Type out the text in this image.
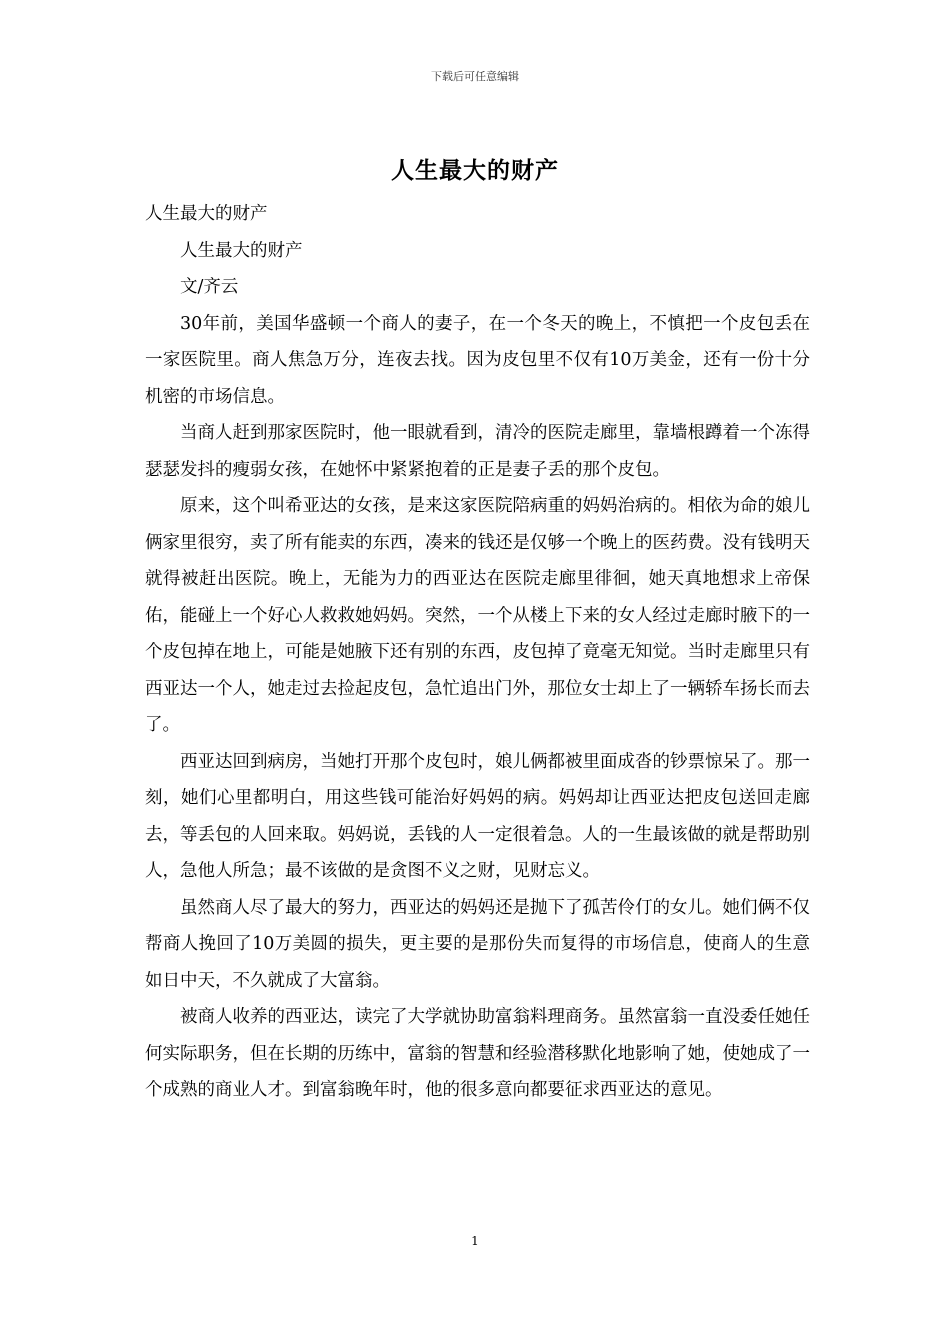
下载后可任意编辑
人生最大的财产

人生最大的财产

人生最大的财产

文/齐云

30年前，美国华盛顿一个商人的妻子，在一个冬天的晚上，不慎把一个皮包丢在一家医院里。商人焦急万分，连夜去找。因为皮包里不仅有10万美金，还有一份十分机密的市场信息。

当商人赶到那家医院时，他一眼就看到，清冷的医院走廊里，靠墙根蹲着一个冻得瑟瑟发抖的瘦弱女孩，在她怀中紧紧抱着的正是妻子丢的那个皮包。

原来，这个叫希亚达的女孩，是来这家医院陪病重的妈妈治病的。相依为命的娘儿俩家里很穷，卖了所有能卖的东西，凑来的钱还是仅够一个晚上的医药费。没有钱明天就得被赶出医院。晚上，无能为力的西亚达在医院走廊里徘徊，她天真地想求上帝保佑，能碰上一个好心人救救她妈妈。突然，一个从楼上下来的女人经过走廊时腋下的一个皮包掉在地上，可能是她腋下还有别的东西，皮包掉了竟毫无知觉。当时走廊里只有西亚达一个人，她走过去捡起皮包，急忙追出门外，那位女士却上了一辆轿车扬长而去了。

西亚达回到病房，当她打开那个皮包时，娘儿俩都被里面成沓的钞票惊呆了。那一刻，她们心里都明白，用这些钱可能治好妈妈的病。妈妈却让西亚达把皮包送回走廊去，等丢包的人回来取。妈妈说，丢钱的人一定很着急。人的一生最该做的就是帮助别人，急他人所急；最不该做的是贪图不义之财，见财忘义。

虽然商人尽了最大的努力，西亚达的妈妈还是抛下了孤苦伶仃的女儿。她们俩不仅帮商人挽回了10万美圆的损失，更主要的是那份失而复得的市场信息，使商人的生意如日中天，不久就成了大富翁。

被商人收养的西亚达，读完了大学就协助富翁料理商务。虽然富翁一直没委任她任何实际职务，但在长期的历练中，富翁的智慧和经验潜移默化地影响了她，使她成了一个成熟的商业人才。到富翁晚年时，他的很多意向都要征求西亚达的意见。

1
